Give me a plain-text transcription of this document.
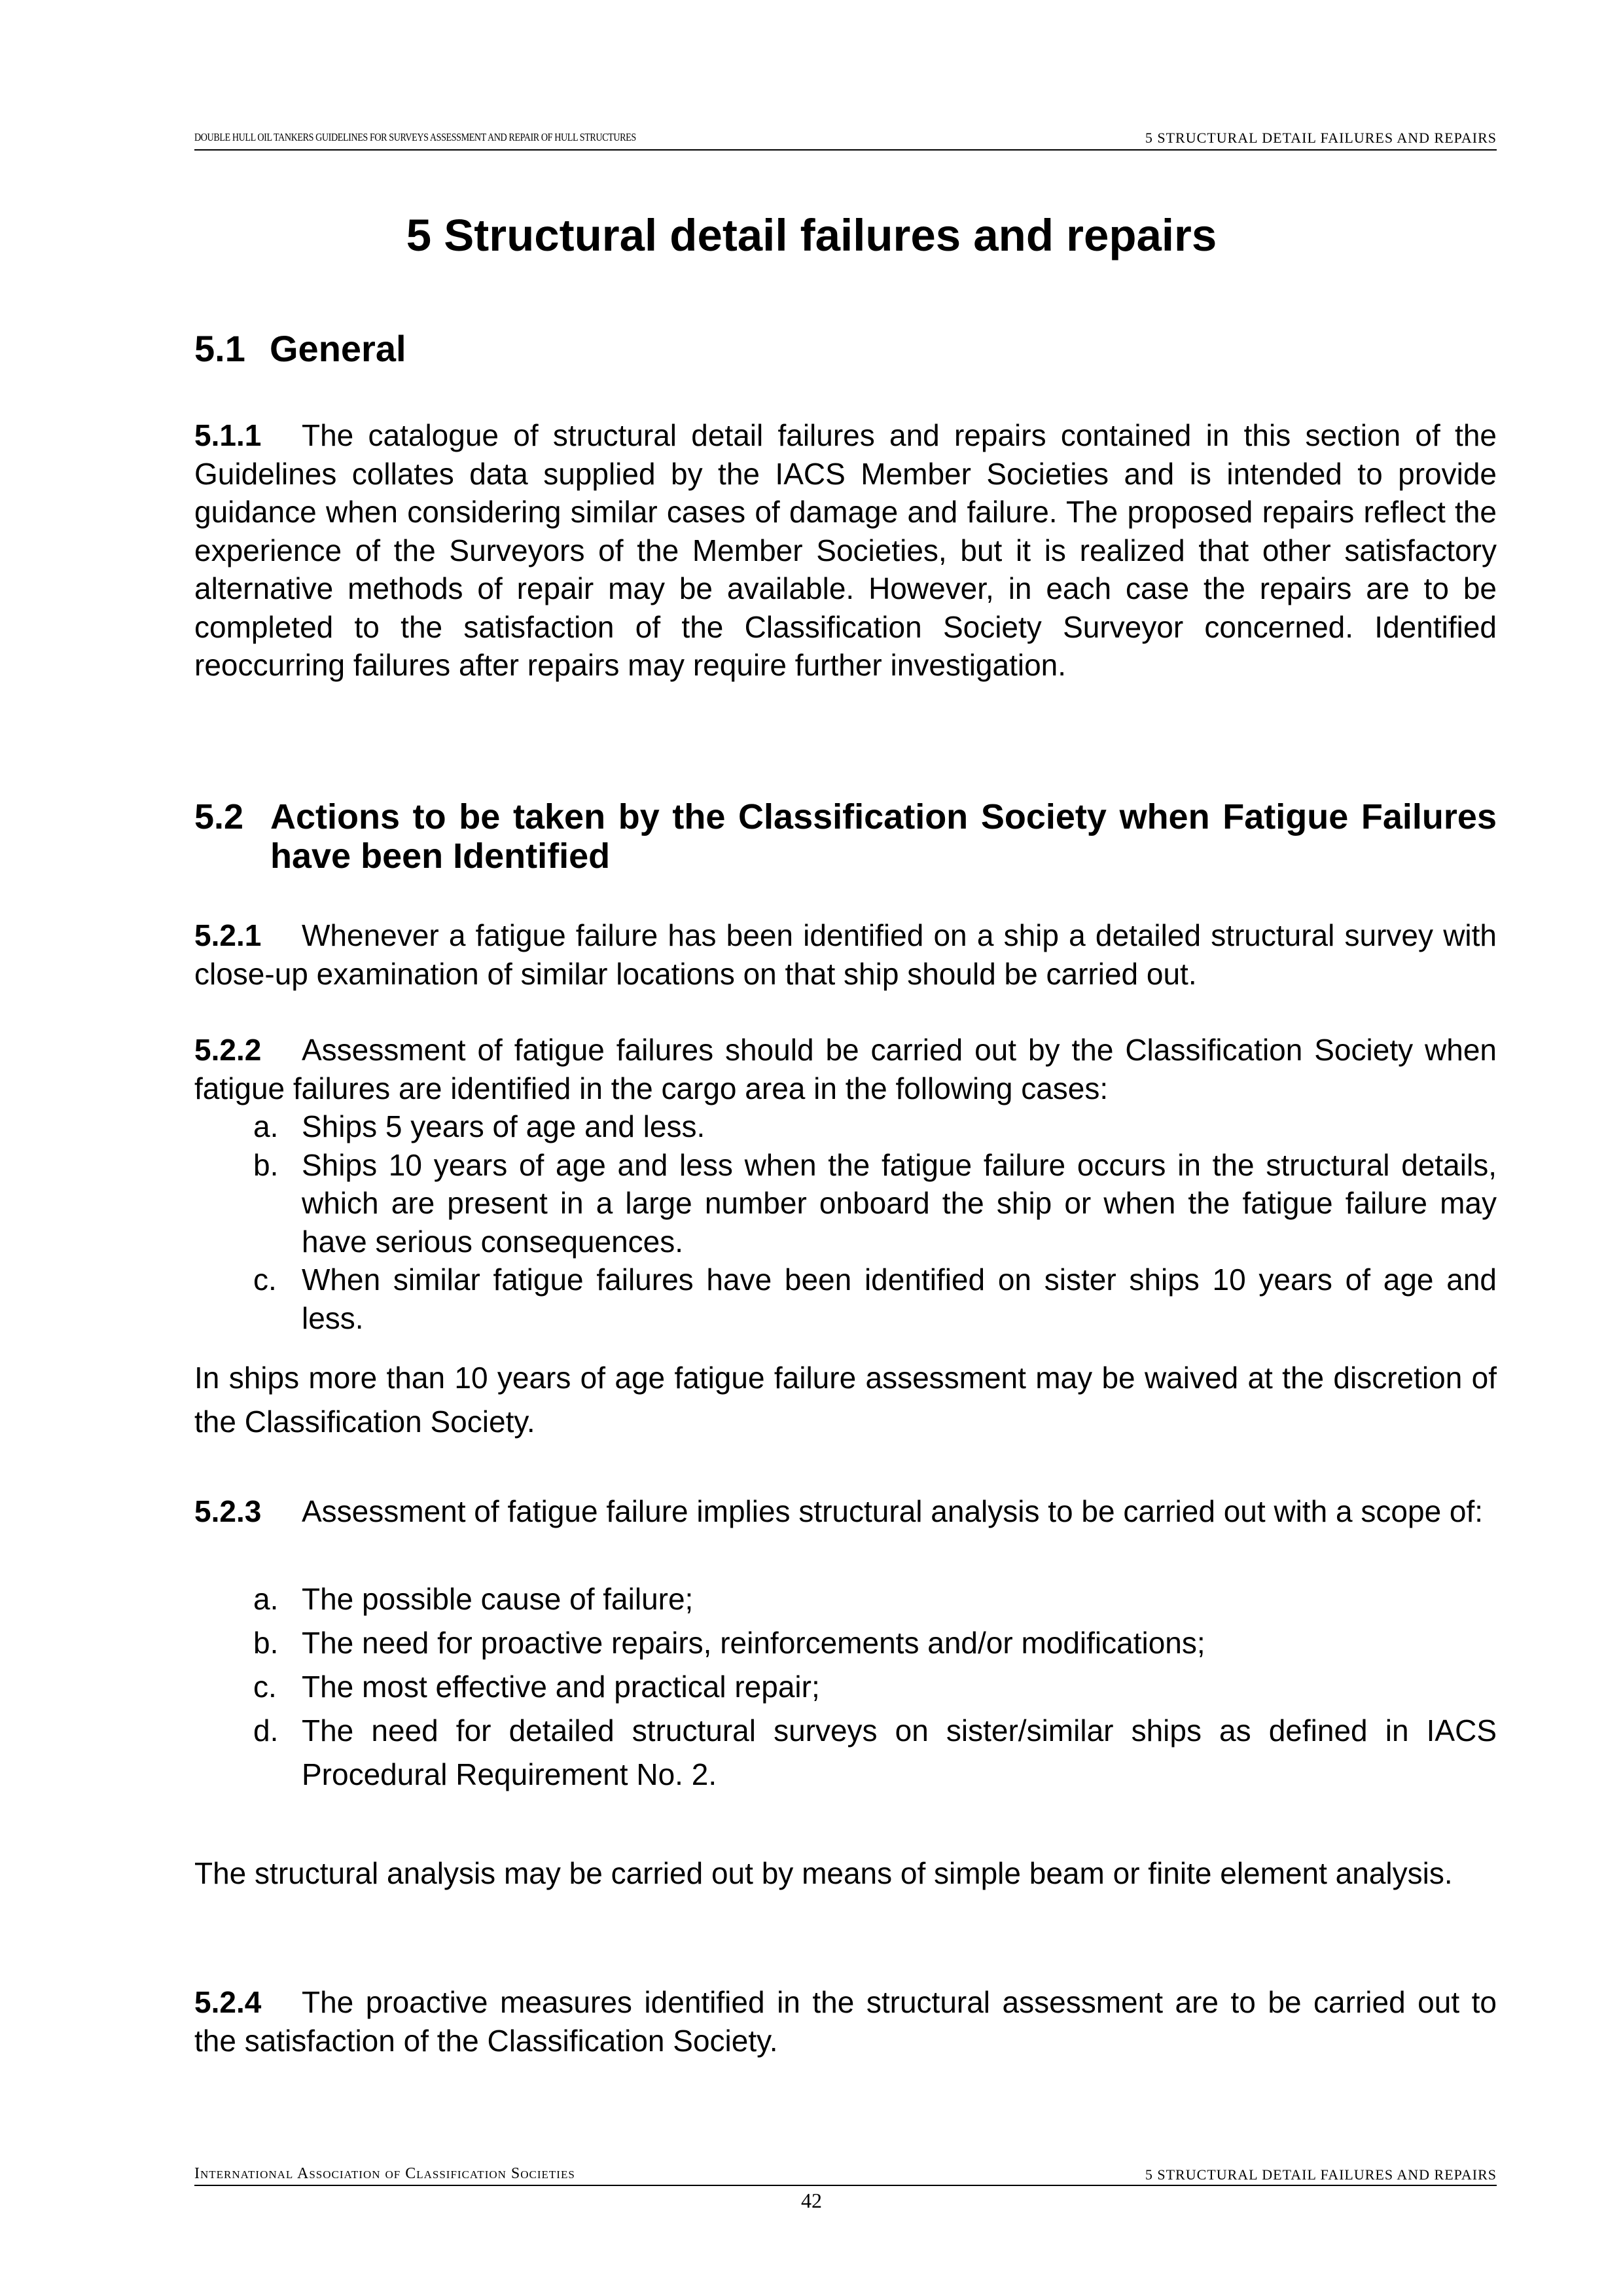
DOUBLE HULL OIL TANKERS GUIDELINES FOR SURVEYS ASSESSMENT AND REPAIR OF HULL STRUCTURES	5 STRUCTURAL DETAIL FAILURES AND REPAIRS
5 Structural detail failures and repairs
5.1 General

5.1.1 The catalogue of structural detail failures and repairs contained in this section of the Guidelines collates data supplied by the IACS Member Societies and is intended to provide guidance when considering similar cases of damage and failure. The proposed repairs reflect the experience of the Surveyors of the Member Societies, but it is realized that other satisfactory alternative methods of repair may be available. However, in each case the repairs are to be completed to the satisfaction of the Classification Society Surveyor concerned. Identified reoccurring failures after repairs may require further investigation.

5.2 Actions to be taken by the Classification Society when Fatigue Failures have been Identified

5.2.1 Whenever a fatigue failure has been identified on a ship a detailed structural survey with close-up examination of similar locations on that ship should be carried out.

5.2.2 Assessment of fatigue failures should be carried out by the Classification Society when fatigue failures are identified in the cargo area in the following cases:

a. Ships 5 years of age and less.
b. Ships 10 years of age and less when the fatigue failure occurs in the structural details, which are present in a large number onboard the ship or when the fatigue failure may have serious consequences.
c. When similar fatigue failures have been identified on sister ships 10 years of age and less.

In ships more than 10 years of age fatigue failure assessment may be waived at the discretion of the Classification Society.

5.2.3 Assessment of fatigue failure implies structural analysis to be carried out with a scope of:

a. The possible cause of failure;
b. The need for proactive repairs, reinforcements and/or modifications;
c. The most effective and practical repair;
d. The need for detailed structural surveys on sister/similar ships as defined in IACS Procedural Requirement No. 2.

The structural analysis may be carried out by means of simple beam or finite element analysis.

5.2.4 The proactive measures identified in the structural assessment are to be carried out to the satisfaction of the Classification Society.

International Association of Classification Societies	5 STRUCTURAL DETAIL FAILURES AND REPAIRS
42
